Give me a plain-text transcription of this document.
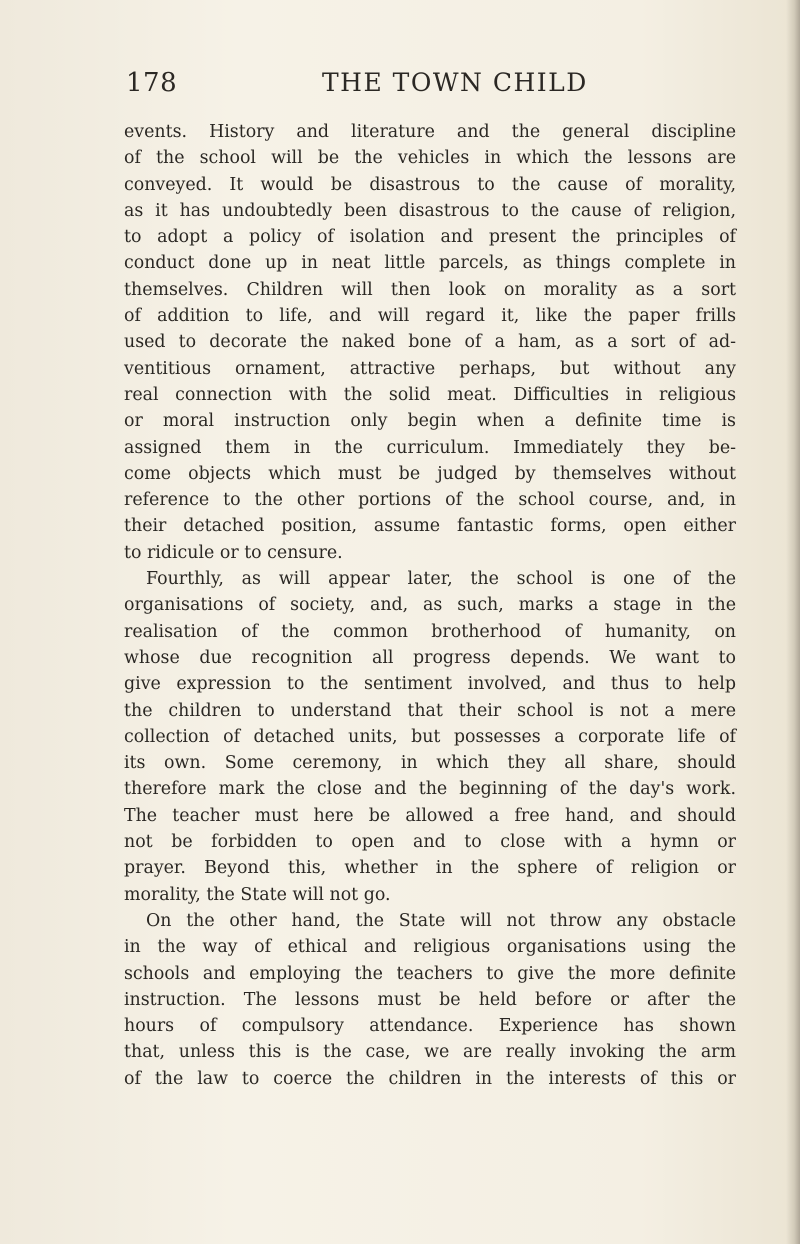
178	THE TOWN CHILD
events. History and literature and the general discipline
of the school will be the vehicles in which the lessons are
conveyed. It would be disastrous to the cause of morality,
as it has undoubtedly been disastrous to the cause of religion,
to adopt a policy of isolation and present the principles of
conduct done up in neat little parcels, as things complete in
themselves. Children will then look on morality as a sort
of addition to life, and will regard it, like the paper frills
used to decorate the naked bone of a ham, as a sort of ad-
ventitious ornament, attractive perhaps, but without any
real connection with the solid meat. Difficulties in religious
or moral instruction only begin when a definite time is
assigned them in the curriculum. Immediately they be-
come objects which must be judged by themselves without
reference to the other portions of the school course, and, in
their detached position, assume fantastic forms, open either
to ridicule or to censure.
Fourthly, as will appear later, the school is one of the
organisations of society, and, as such, marks a stage in the
realisation of the common brotherhood of humanity, on
whose due recognition all progress depends. We want to
give expression to the sentiment involved, and thus to help
the children to understand that their school is not a mere
collection of detached units, but possesses a corporate life of
its own. Some ceremony, in which they all share, should
therefore mark the close and the beginning of the day's work.
The teacher must here be allowed a free hand, and should
not be forbidden to open and to close with a hymn or
prayer. Beyond this, whether in the sphere of religion or
morality, the State will not go.
On the other hand, the State will not throw any obstacle
in the way of ethical and religious organisations using the
schools and employing the teachers to give the more definite
instruction. The lessons must be held before or after the
hours of compulsory attendance. Experience has shown
that, unless this is the case, we are really invoking the arm
of the law to coerce the children in the interests of this or
